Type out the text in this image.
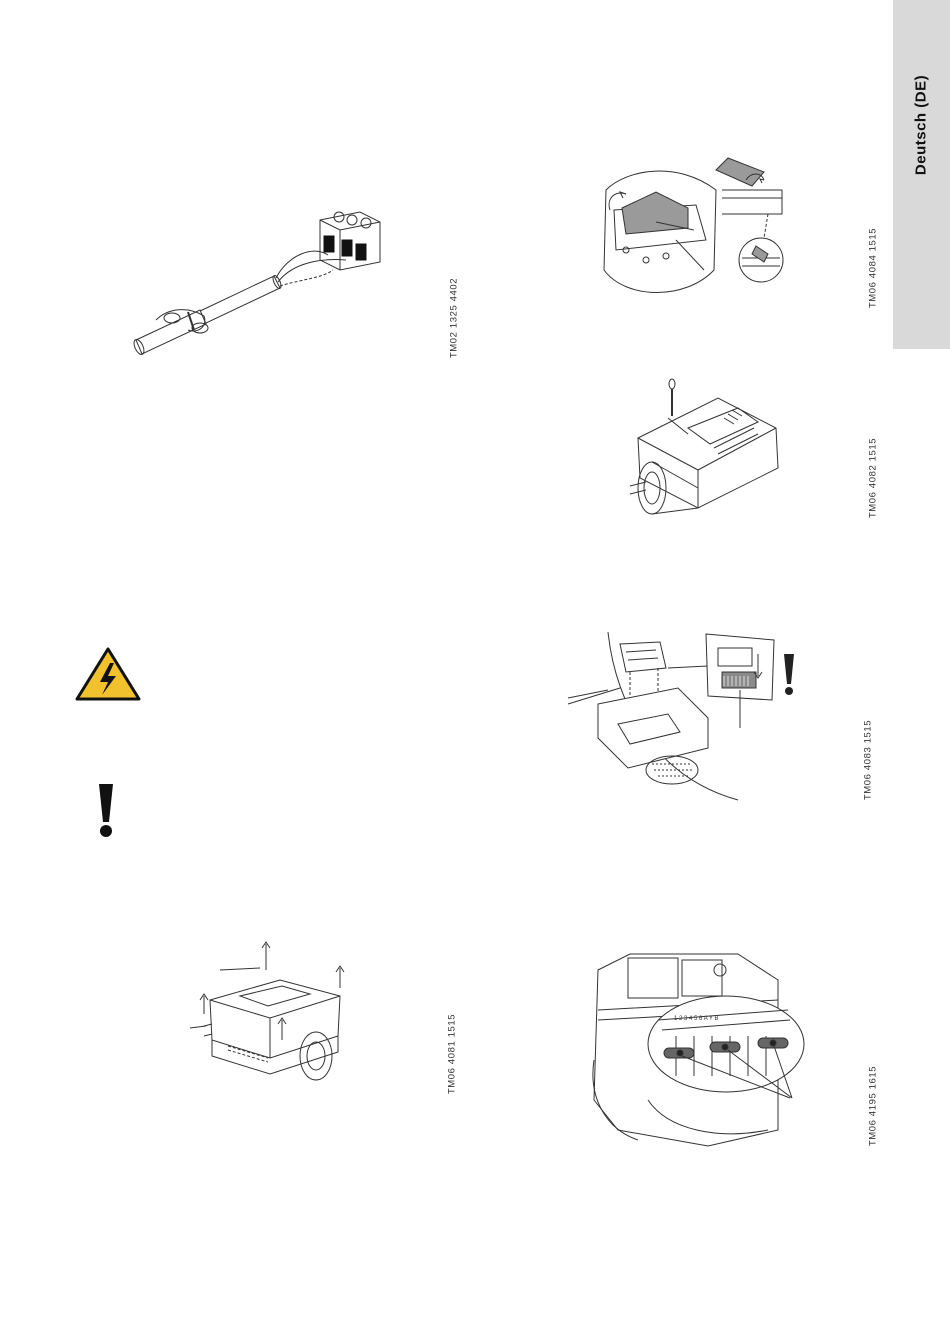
Deutsch (DE)
TM02 1325 4402
TM06 4084 1515
TM06 4082 1515
TM06 4083 1515
TM06 4081 1515	1 2 3 4 5 6 A Y B
TM06 4195 1615
